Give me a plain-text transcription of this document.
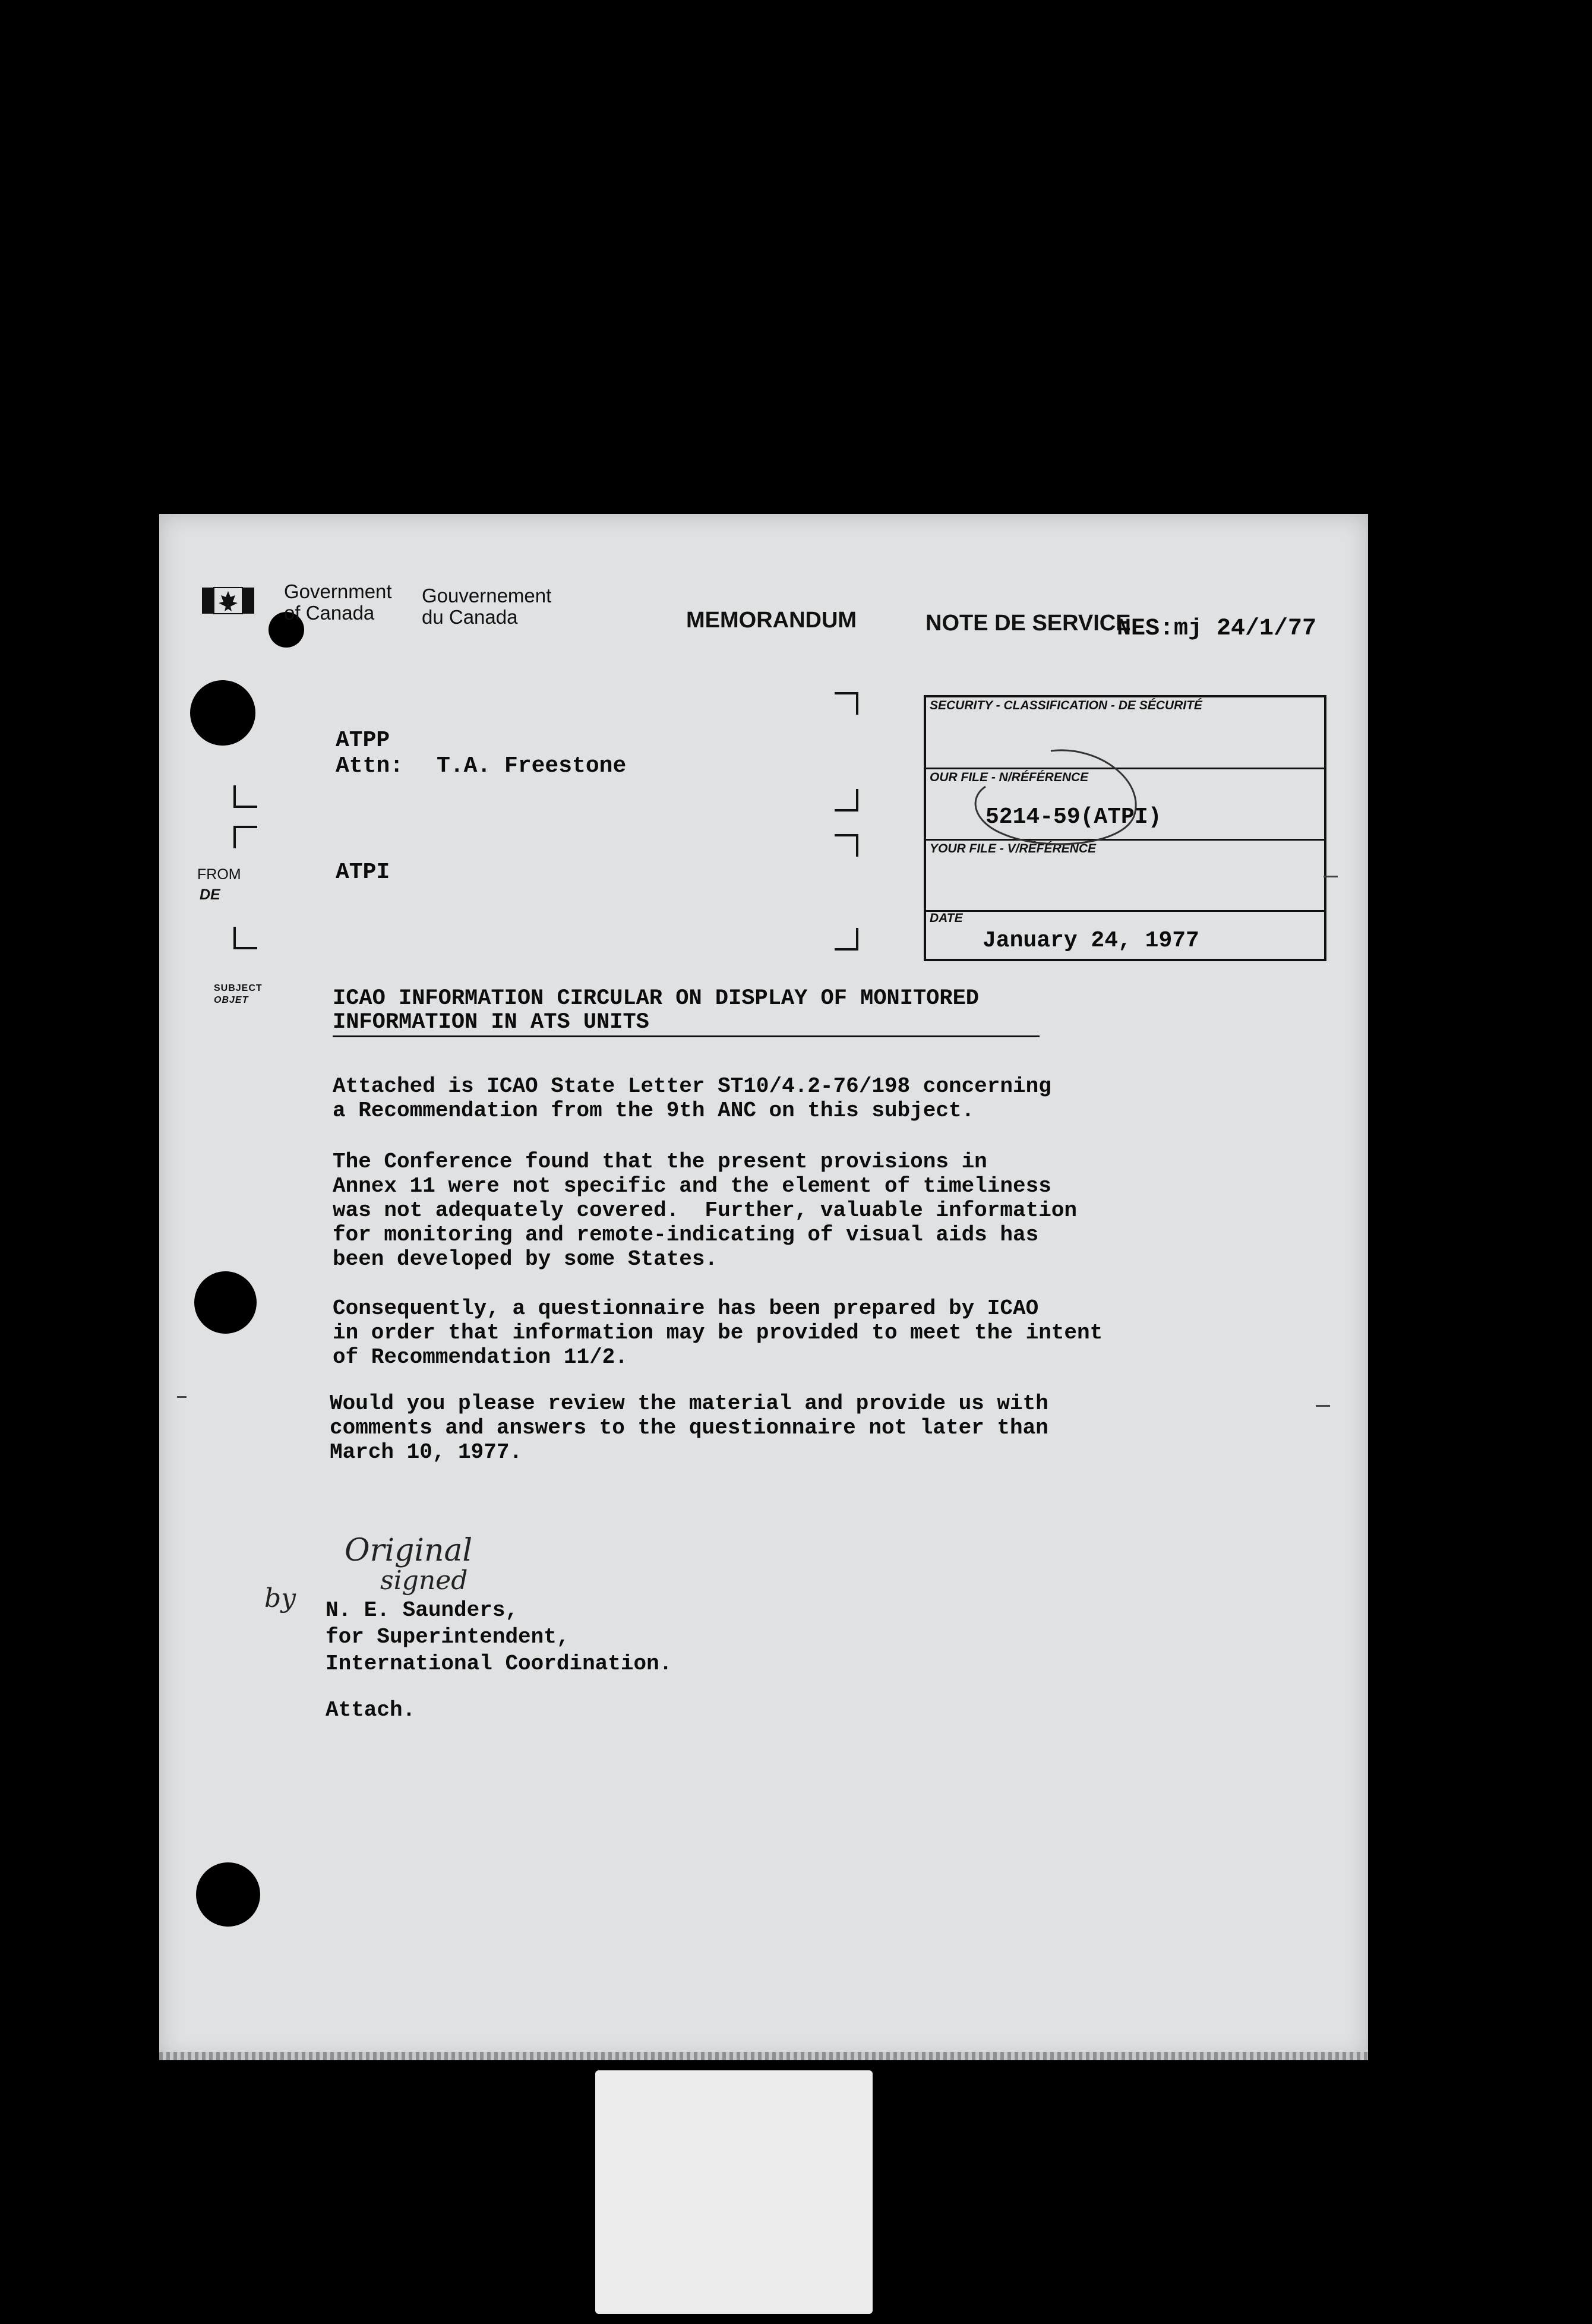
Government
of Canada
Gouvernement
du Canada	MEMORANDUM	NOTE DE SERVICE
NES:mj 24/1/77
ATPP
Attn: T.A. Freestone
FROM
DE
ATPI
SECURITY - CLASSIFICATION - DE SÉCURITÉ
OUR FILE - N/RÉFÉRENCE
5214-59(ATPI)
YOUR FILE - V/RÉFÉRENCE
DATE
January 24, 1977
SUBJECT
OBJET	ICAO INFORMATION CIRCULAR ON DISPLAY OF MONITORED
INFORMATION IN ATS UNITS
Attached is ICAO State Letter ST10/4.2-76/198 concerning
a Recommendation from the 9th ANC on this subject.
The Conference found that the present provisions in
Annex 11 were not specific and the element of timeliness
was not adequately covered.  Further, valuable information
for monitoring and remote-indicating of visual aids has
been developed by some States.
Consequently, a questionnaire has been prepared by ICAO
in order that information may be provided to meet the intent
of Recommendation 11/2.
Would you please review the material and provide us with
comments and answers to the questionnaire not later than
March 10, 1977.
Original
signed
by N. E. Saunders,
for Superintendent,
International Coordination.
Attach.
